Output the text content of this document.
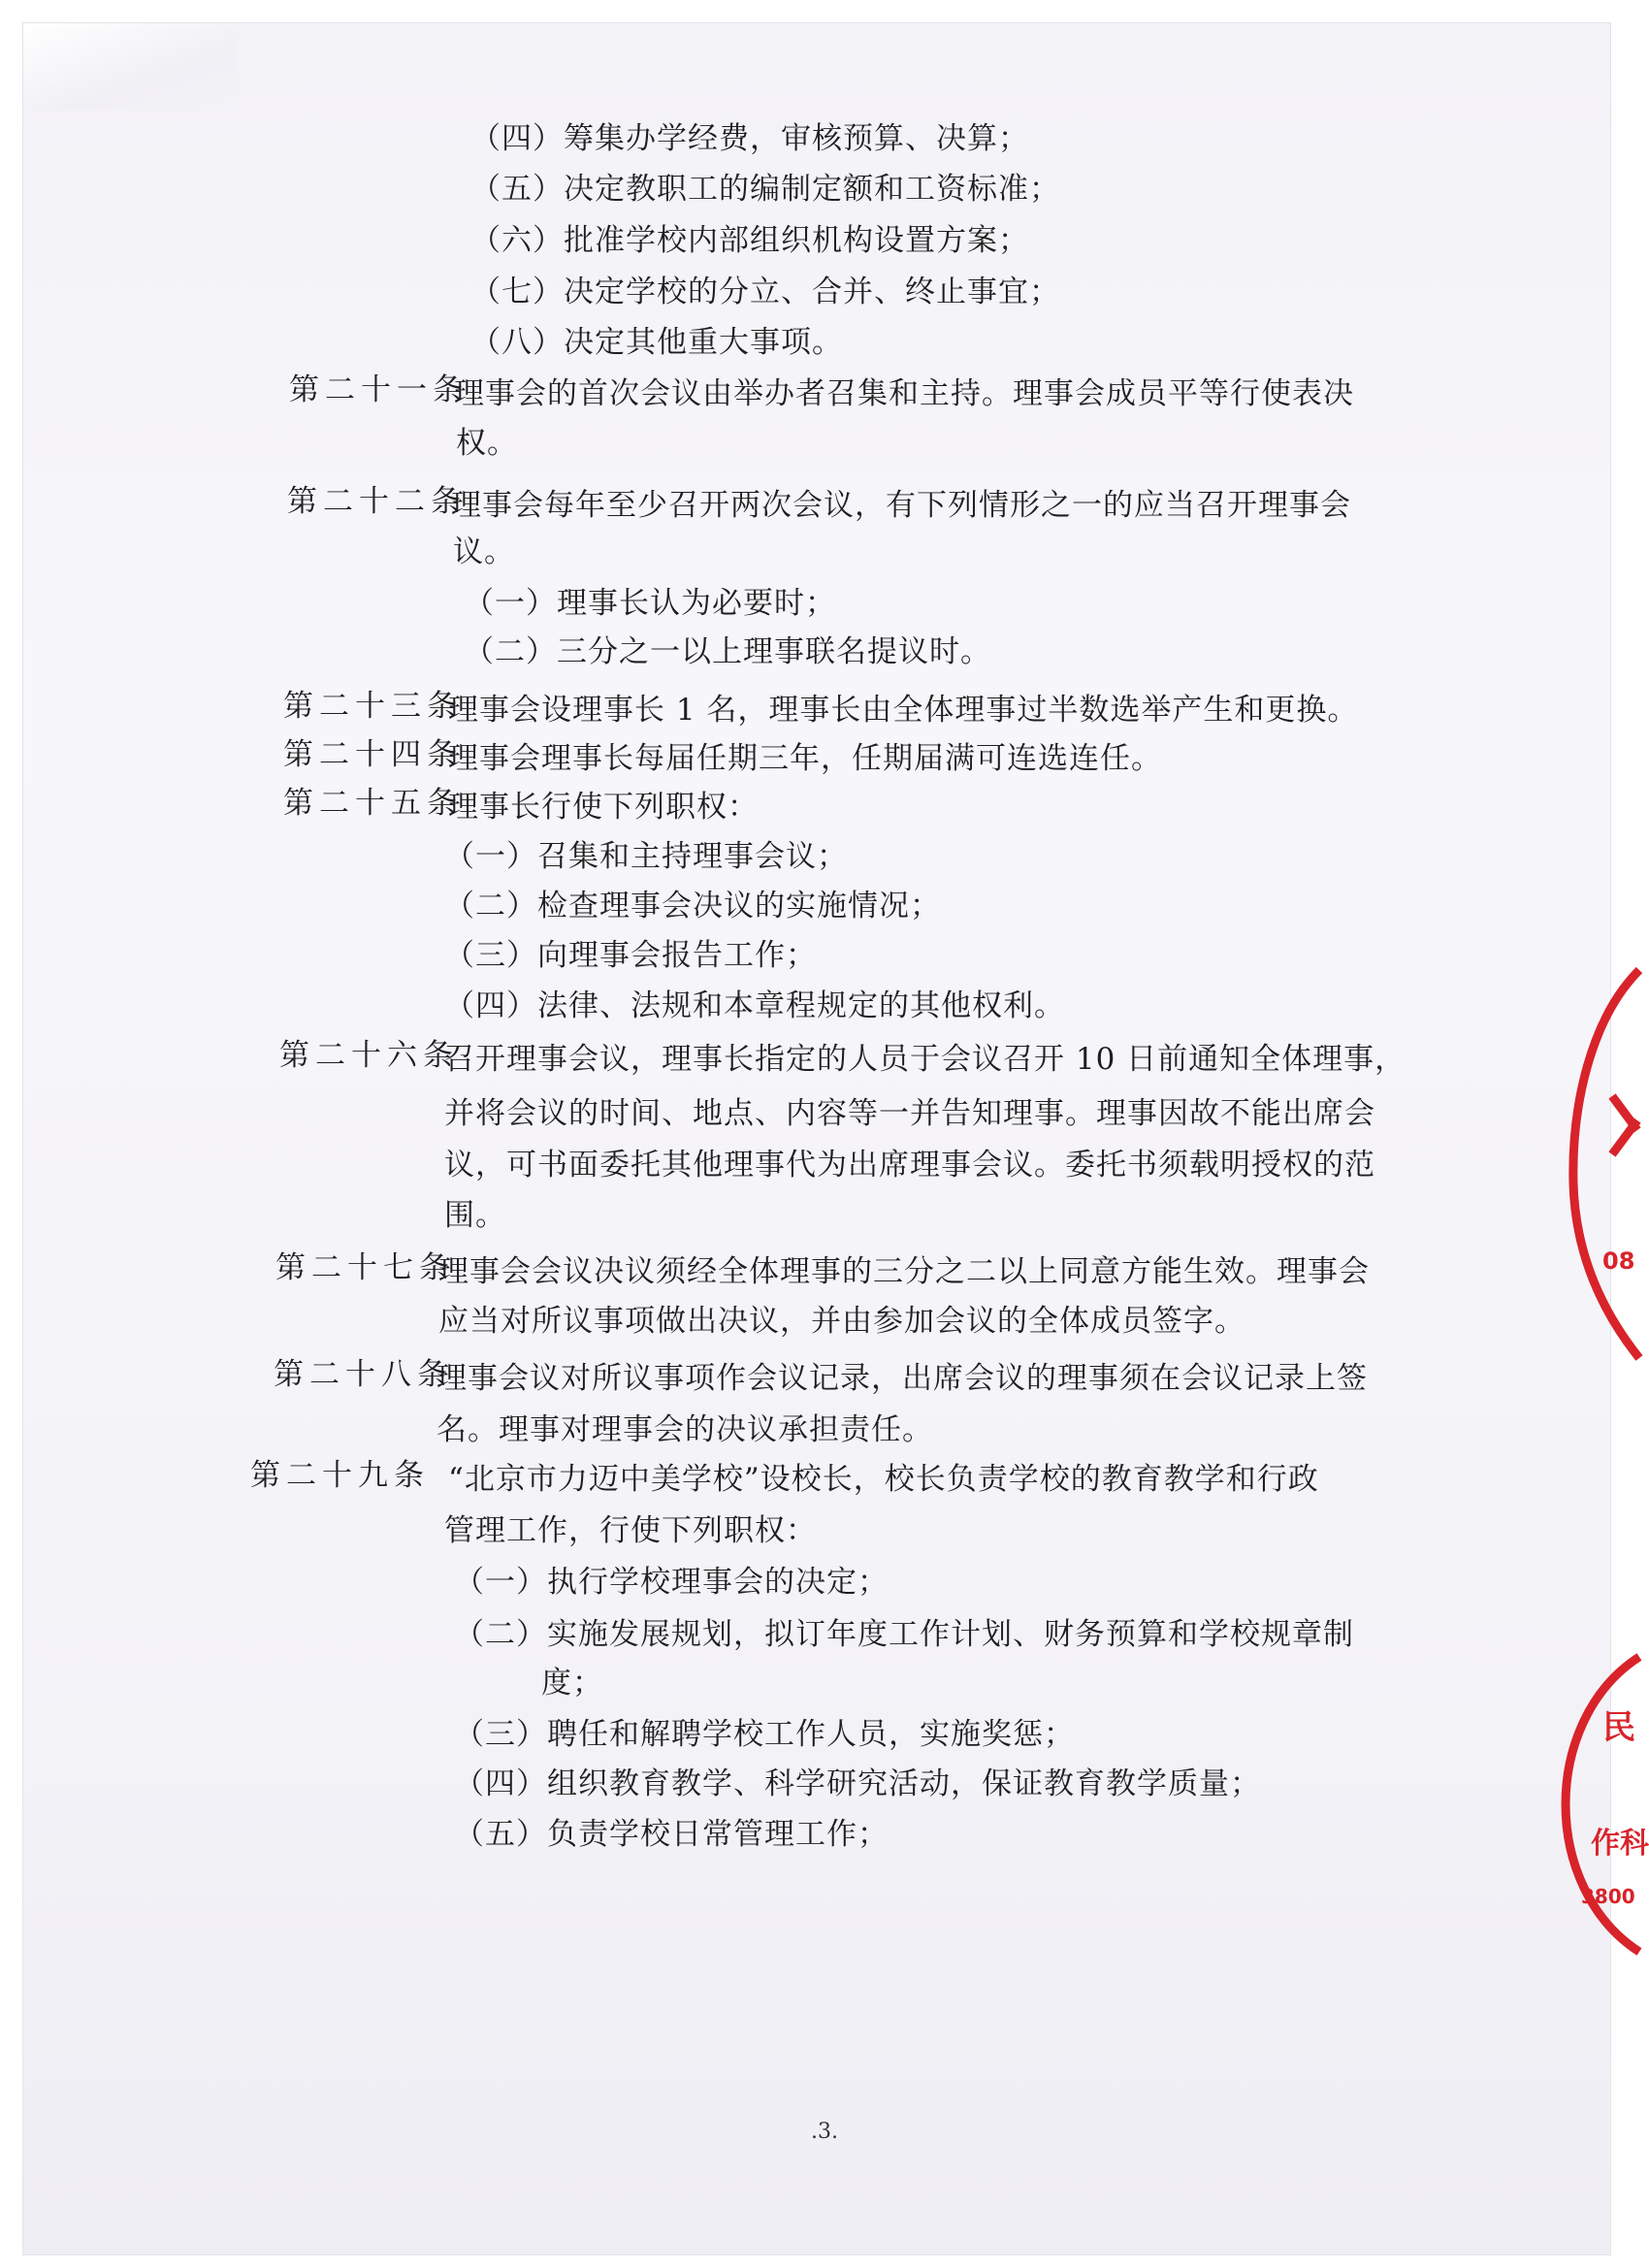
（四）筹集办学经费，审核预算、决算；

（五）决定教职工的编制定额和工资标准；

（六）批准学校内部组织机构设置方案；

（七）决定学校的分立、合并、终止事宜；

（八）决定其他重大事项。

第二十一条

理事会的首次会议由举办者召集和主持。理事会成员平等行使表决

权。

第二十二条

理事会每年至少召开两次会议，有下列情形之一的应当召开理事会

议。

（一）理事长认为必要时；

（二）三分之一以上理事联名提议时。

第二十三条

理事会设理事长 1 名，理事长由全体理事过半数选举产生和更换。

第二十四条

理事会理事长每届任期三年，任期届满可连选连任。

第二十五条

理事长行使下列职权：

（一）召集和主持理事会议；

（二）检查理事会决议的实施情况；

（三）向理事会报告工作；

（四）法律、法规和本章程规定的其他权利。

第二十六条

召开理事会议，理事长指定的人员于会议召开 10 日前通知全体理事，

并将会议的时间、地点、内容等一并告知理事。理事因故不能出席会

议，可书面委托其他理事代为出席理事会议。委托书须载明授权的范

围。

第二十七条

理事会会议决议须经全体理事的三分之二以上同意方能生效。理事会

应当对所议事项做出决议，并由参加会议的全体成员签字。

第二十八条

理事会议对所议事项作会议记录，出席会议的理事须在会议记录上签

名。理事对理事会的决议承担责任。

第二十九条 “北京市力迈中美学校”设校长，校长负责学校的教育教学和行政

管理工作，行使下列职权：

（一）执行学校理事会的决定；

（二）实施发展规划，拟订年度工作计划、财务预算和学校规章制

度；

（三）聘任和解聘学校工作人员，实施奖惩；

（四）组织教育教学、科学研究活动，保证教育教学质量；

（五）负责学校日常管理工作；

.3.
08
民
作科
3800
